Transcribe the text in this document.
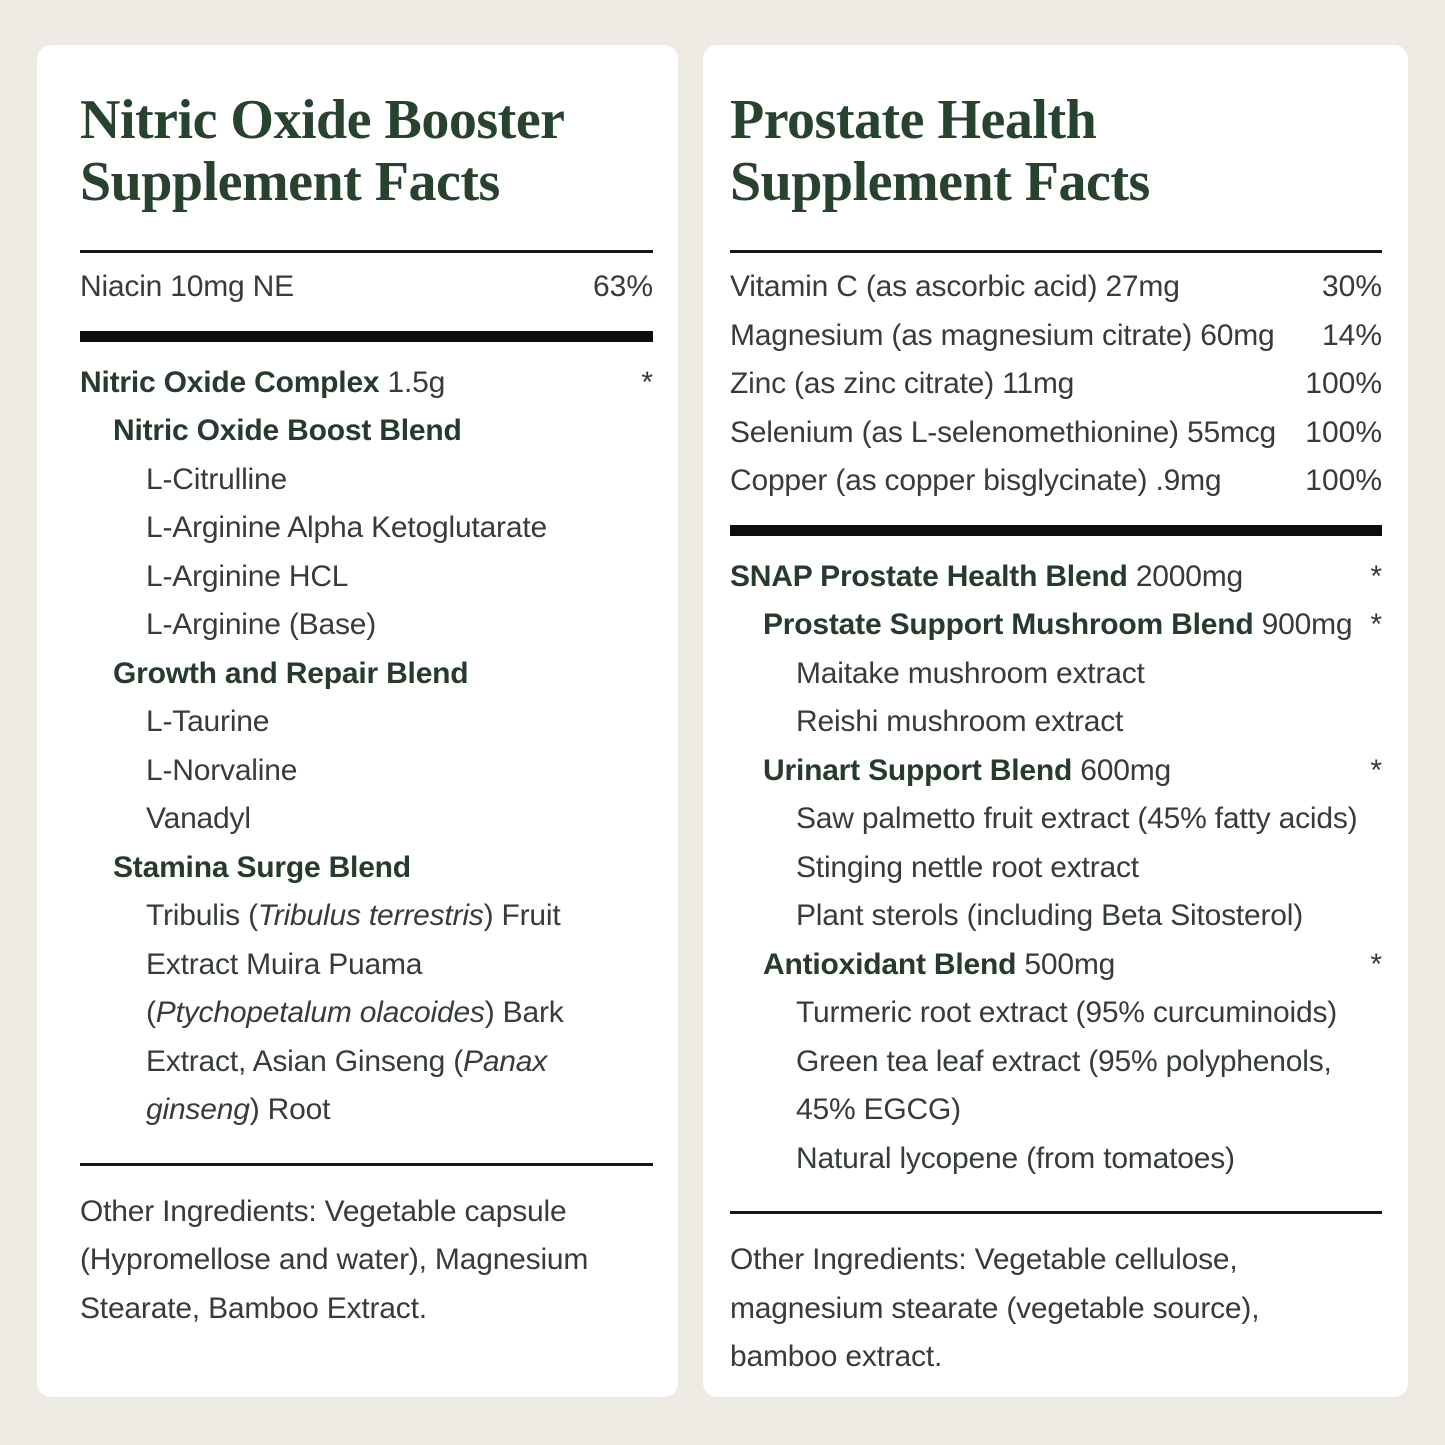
Nitric Oxide Booster
Supplement Facts
Niacin 10mg NE	63%
Nitric Oxide Complex 1.5g	*
Nitric Oxide Boost Blend
L-Citrulline
L-Arginine Alpha Ketoglutarate
L-Arginine HCL
L-Arginine (Base)
Growth and Repair Blend
L-Taurine
L-Norvaline
Vanadyl
Stamina Surge Blend
Tribulis (Tribulus terrestris) Fruit
Extract Muira Puama
(Ptychopetalum olacoides) Bark
Extract, Asian Ginseng (Panax
ginseng) Root
Other Ingredients: Vegetable capsule
(Hypromellose and water), Magnesium
Stearate, Bamboo Extract.
Prostate Health
Supplement Facts
Vitamin C (as ascorbic acid) 27mg	30%
Magnesium (as magnesium citrate) 60mg 14%
Zinc (as zinc citrate) 11mg	100%
Selenium (as L-selenomethionine) 55mcg 100%
Copper (as copper bisglycinate) .9mg	100%
SNAP Prostate Health Blend 2000mg	*
Prostate Support Mushroom Blend 900mg *
Maitake mushroom extract
Reishi mushroom extract
Urinart Support Blend 600mg	*
Saw palmetto fruit extract (45% fatty acids)
Stinging nettle root extract
Plant sterols (including Beta Sitosterol)
Antioxidant Blend 500mg	*
Turmeric root extract (95% curcuminoids)
Green tea leaf extract (95% polyphenols,
45% EGCG)
Natural lycopene (from tomatoes)
Other Ingredients: Vegetable cellulose,
magnesium stearate (vegetable source),
bamboo extract.
